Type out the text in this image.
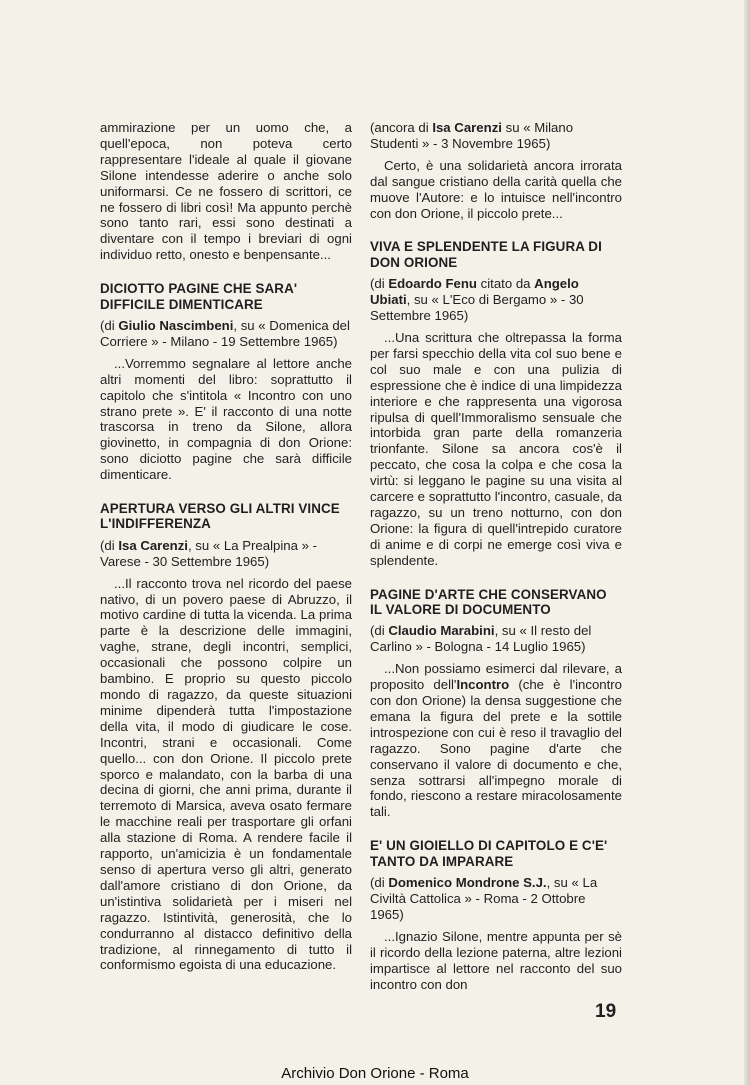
ammirazione per un uomo che, a quell'epoca, non poteva certo rappresentare l'ideale al quale il giovane Silone intendesse aderire o anche solo uniformarsi. Ce ne fossero di scrittori, ce ne fossero di libri così! Ma appunto perchè sono tanto rari, essi sono destinati a diventare con il tempo i breviari di ogni individuo retto, onesto e benpensante...

DICIOTTO PAGINE CHE SARA' DIFFICILE DIMENTICARE

(di Giulio Nascimbeni, su « Domenica del Corriere » - Milano - 19 Settembre 1965)

...Vorremmo segnalare al lettore anche altri momenti del libro: soprattutto il capitolo che s'intitola « Incontro con uno strano prete ». E' il racconto di una notte trascorsa in treno da Silone, allora giovinetto, in compagnia di don Orione: sono diciotto pagine che sarà difficile dimenticare.

APERTURA VERSO GLI ALTRI VINCE L'INDIFFERENZA

(di Isa Carenzi, su « La Prealpina » - Varese - 30 Settembre 1965)

...Il racconto trova nel ricordo del paese nativo, di un povero paese di Abruzzo, il motivo cardine di tutta la vicenda. La prima parte è la descrizione delle immagini, vaghe, strane, degli incontri, semplici, occasionali che possono colpire un bambino. E proprio su questo piccolo mondo di ragazzo, da queste situazioni minime dipenderà tutta l'impostazione della vita, il modo di giudicare le cose. Incontri, strani e occasionali. Come quello... con don Orione. Il piccolo prete sporco e malandato, con la barba di una decina di giorni, che anni prima, durante il terremoto di Marsica, aveva osato fermare le macchine reali per trasportare gli orfani alla stazione di Roma. A rendere facile il rapporto, un'amicizia è un fondamentale senso di apertura verso gli altri, generato dall'amore cristiano di don Orione, da un'istintiva solidarietà per i miseri nel ragazzo. Istintività, generosità, che lo condurranno al distacco definitivo della tradizione, al rinnegamento di tutto il conformismo egoista di una educazione.

(ancora di Isa Carenzi su « Milano Studenti » - 3 Novembre 1965)

Certo, è una solidarietà ancora irrorata dal sangue cristiano della carità quella che muove l'Autore: e lo intuisce nell'incontro con don Orione, il piccolo prete...

VIVA E SPLENDENTE LA FIGURA DI DON ORIONE

(di Edoardo Fenu citato da Angelo Ubiati, su « L'Eco di Bergamo » - 30 Settembre 1965)

...Una scrittura che oltrepassa la forma per farsi specchio della vita col suo bene e col suo male e con una pulizia di espressione che è indice di una limpidezza interiore e che rappresenta una vigorosa ripulsa di quell'Immoralismo sensuale che intorbida gran parte della romanzeria trionfante. Silone sa ancora cos'è il peccato, che cosa la colpa e che cosa la virtù: si leggano le pagine su una visita al carcere e soprattutto l'incontro, casuale, da ragazzo, su un treno notturno, con don Orione: la figura di quell'intrepido curatore di anime e di corpi ne emerge così viva e splendente.

PAGINE D'ARTE CHE CONSERVANO IL VALORE DI DOCUMENTO

(di Claudio Marabini, su « Il resto del Carlino » - Bologna - 14 Luglio 1965)

...Non possiamo esimerci dal rilevare, a proposito dell'Incontro (che è l'incontro con don Orione) la densa suggestione che emana la figura del prete e la sottile introspezione con cui è reso il travaglio del ragazzo. Sono pagine d'arte che conservano il valore di documento e che, senza sottrarsi all'impegno morale di fondo, riescono a restare miracolosamente tali.

E' UN GIOIELLO DI CAPITOLO E C'E' TANTO DA IMPARARE

(di Domenico Mondrone S.J., su « La Civiltà Cattolica » - Roma - 2 Ottobre 1965)

...Ignazio Silone, mentre appunta per sè il ricordo della lezione paterna, altre lezioni impartisce al lettore nel racconto del suo incontro con don

19
Archivio Don Orione - Roma
